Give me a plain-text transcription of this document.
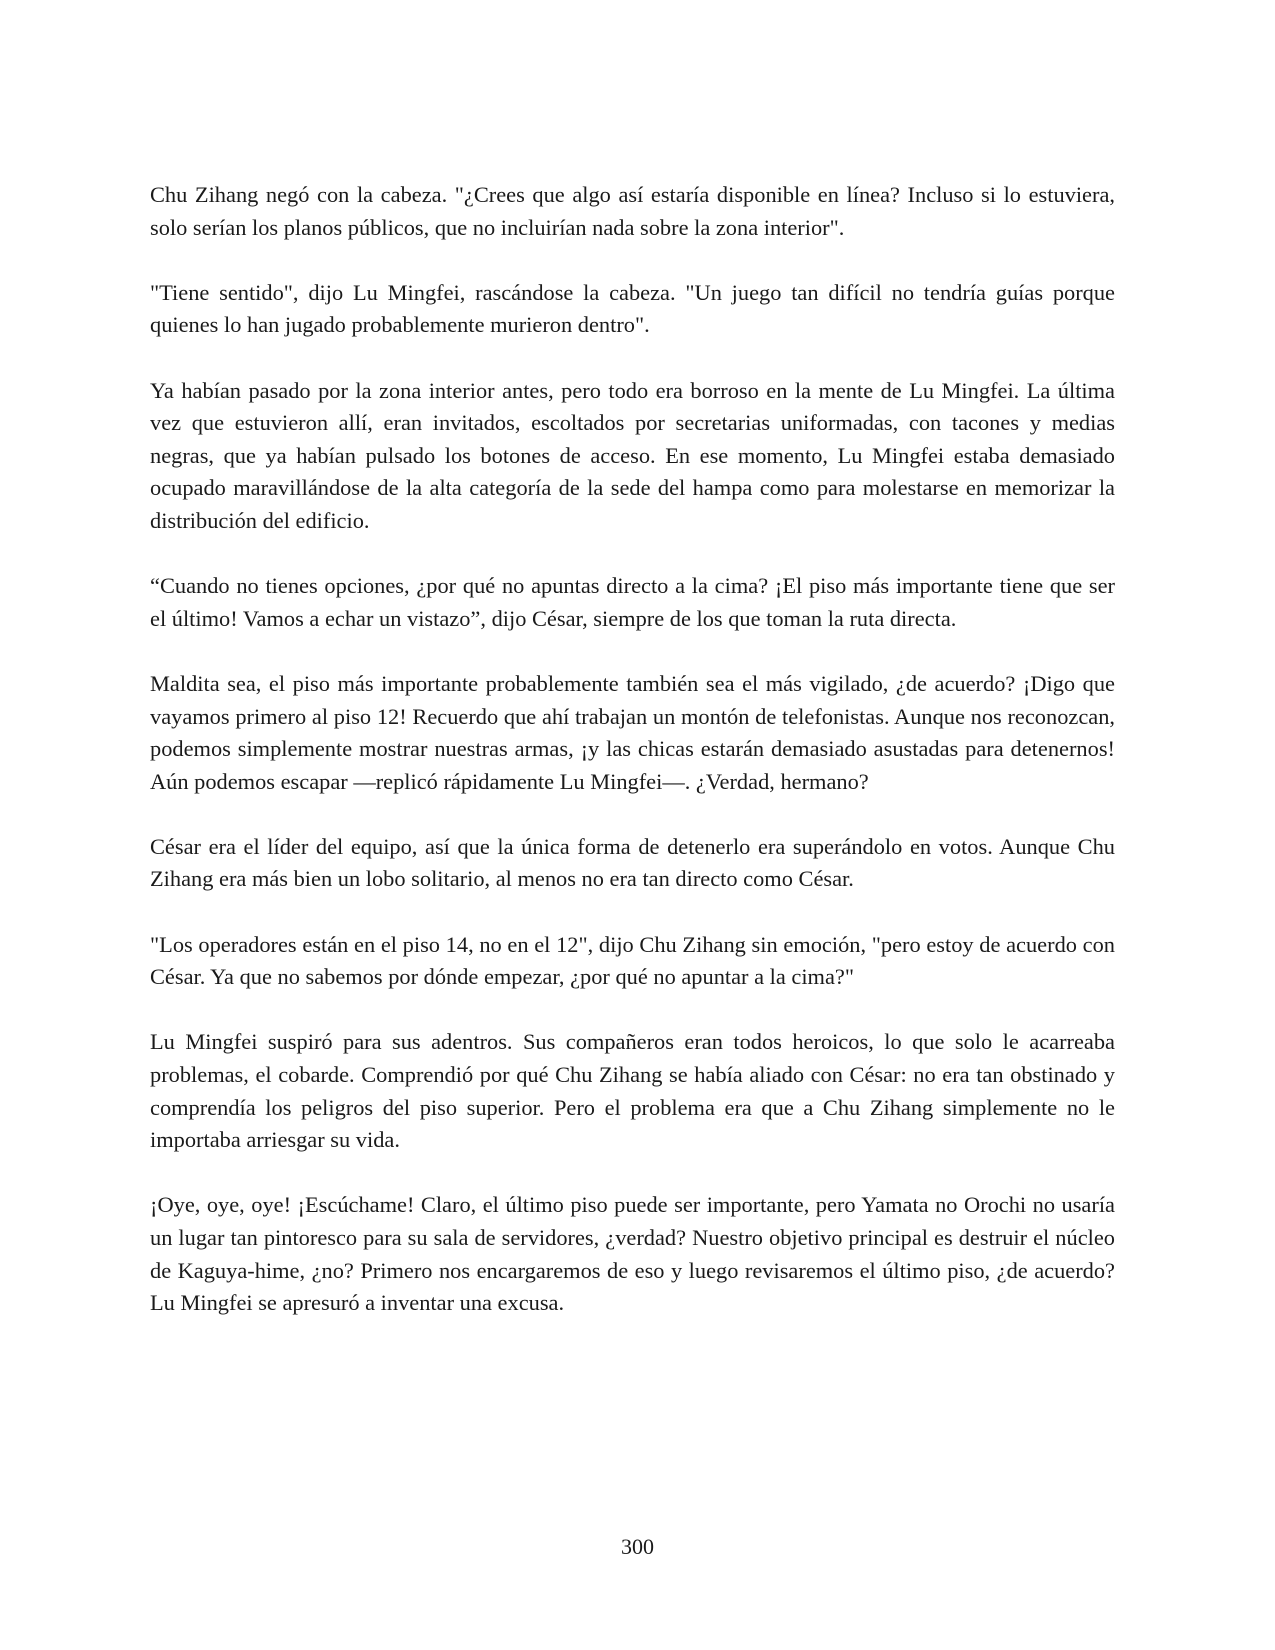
Chu Zihang negó con la cabeza. "¿Crees que algo así estaría disponible en línea? Incluso si lo estuviera, solo serían los planos públicos, que no incluirían nada sobre la zona interior".

"Tiene sentido", dijo Lu Mingfei, rascándose la cabeza. "Un juego tan difícil no tendría guías porque quienes lo han jugado probablemente murieron dentro".

Ya habían pasado por la zona interior antes, pero todo era borroso en la mente de Lu Mingfei. La última vez que estuvieron allí, eran invitados, escoltados por secretarias uniformadas, con tacones y medias negras, que ya habían pulsado los botones de acceso. En ese momento, Lu Mingfei estaba demasiado ocupado maravillándose de la alta categoría de la sede del hampa como para molestarse en memorizar la distribución del edificio.

“Cuando no tienes opciones, ¿por qué no apuntas directo a la cima? ¡El piso más importante tiene que ser el último! Vamos a echar un vistazo”, dijo César, siempre de los que toman la ruta directa.

Maldita sea, el piso más importante probablemente también sea el más vigilado, ¿de acuerdo? ¡Digo que vayamos primero al piso 12! Recuerdo que ahí trabajan un montón de telefonistas. Aunque nos reconozcan, podemos simplemente mostrar nuestras armas, ¡y las chicas estarán demasiado asustadas para detenernos! Aún podemos escapar —replicó rápidamente Lu Mingfei—. ¿Verdad, hermano?

César era el líder del equipo, así que la única forma de detenerlo era superándolo en votos. Aunque Chu Zihang era más bien un lobo solitario, al menos no era tan directo como César.

"Los operadores están en el piso 14, no en el 12", dijo Chu Zihang sin emoción, "pero estoy de acuerdo con César. Ya que no sabemos por dónde empezar, ¿por qué no apuntar a la cima?"

Lu Mingfei suspiró para sus adentros. Sus compañeros eran todos heroicos, lo que solo le acarreaba problemas, el cobarde. Comprendió por qué Chu Zihang se había aliado con César: no era tan obstinado y comprendía los peligros del piso superior. Pero el problema era que a Chu Zihang simplemente no le importaba arriesgar su vida.

¡Oye, oye, oye! ¡Escúchame! Claro, el último piso puede ser importante, pero Yamata no Orochi no usaría un lugar tan pintoresco para su sala de servidores, ¿verdad? Nuestro objetivo principal es destruir el núcleo de Kaguya-hime, ¿no? Primero nos encargaremos de eso y luego revisaremos el último piso, ¿de acuerdo? Lu Mingfei se apresuró a inventar una excusa.

300
